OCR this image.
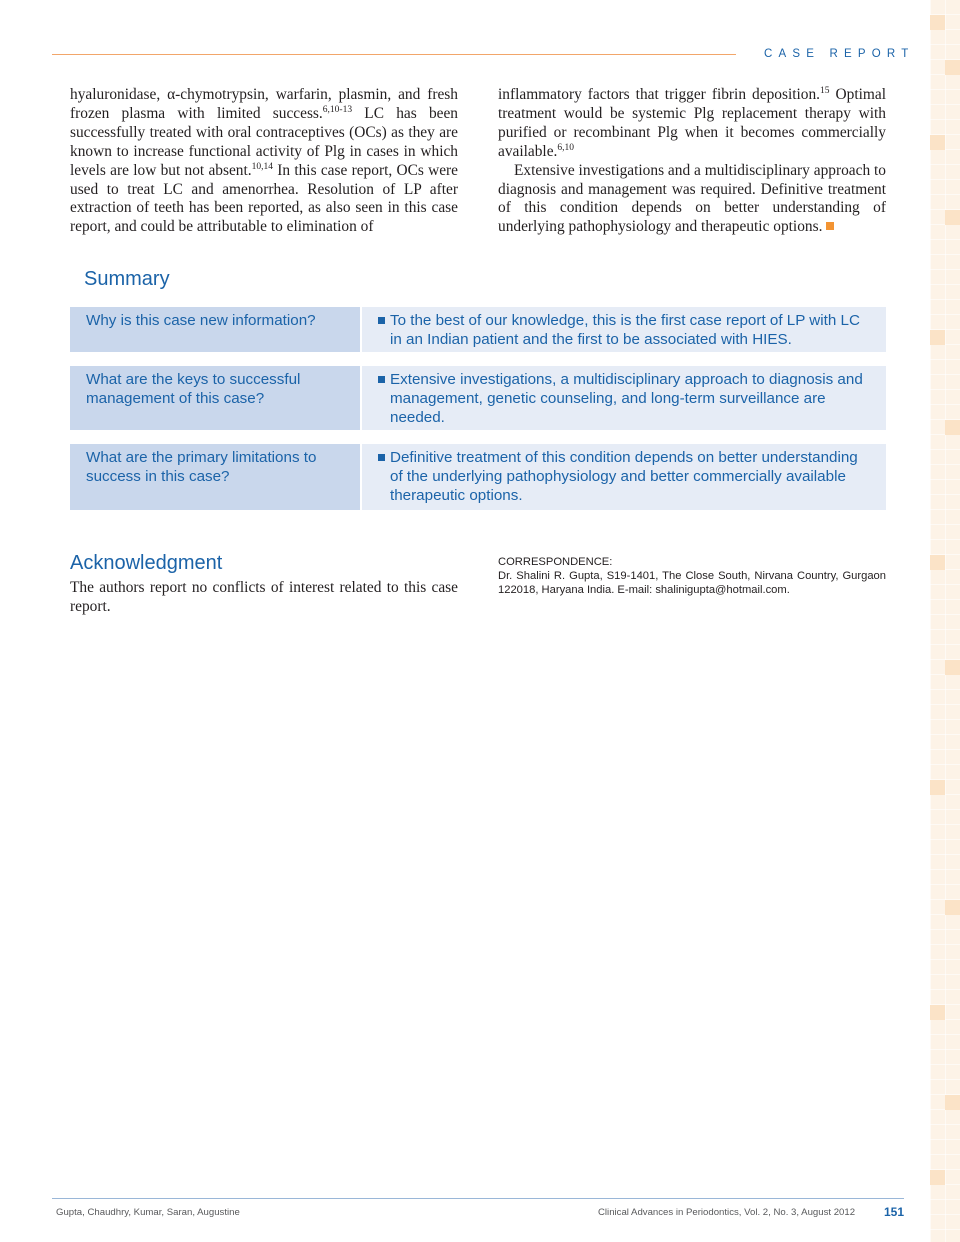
CASE REPORT

hyaluronidase, α-chymotrypsin, warfarin, plasmin, and fresh frozen plasma with limited success.$^{6,10-13}$ LC has been successfully treated with oral contraceptives (OCs) as they are known to increase functional activity of Plg in cases in which levels are low but not absent.$^{10,14}$ In this case report, OCs were used to treat LC and amenorrhea. Resolution of LP after extraction of teeth has been reported, as also seen in this case report, and could be attributable to elimination of

inflammatory factors that trigger fibrin deposition.$^{15}$ Optimal treatment would be systemic Plg replacement therapy with purified or recombinant Plg when it becomes commercially available.$^{6,10}$

Extensive investigations and a multidisciplinary approach to diagnosis and management was required. Definitive treatment of this condition depends on better understanding of underlying pathophysiology and therapeutic options.

Summary
Why is this case new information?	To the best of our knowledge, this is the first case report of LP with LC in an Indian patient and the first to be associated with HIES.
What are the keys to successful management of this case?
Extensive investigations, a multidisciplinary approach to diagnosis and management, genetic counseling, and long-term surveillance are needed.
What are the primary limitations to success in this case?
Definitive treatment of this condition depends on better understanding of the underlying pathophysiology and better commercially available therapeutic options.
Acknowledgment
The authors report no conflicts of interest related to this case report.
CORRESPONDENCE:
Dr. Shalini R. Gupta, S19-1401, The Close South, Nirvana Country, Gurgaon 122018, Haryana India. E-mail: shalinigupta@hotmail.com.
Gupta, Chaudhry, Kumar, Saran, Augustine	Clinical Advances in Periodontics, Vol. 2, No. 3, August 2012 151
